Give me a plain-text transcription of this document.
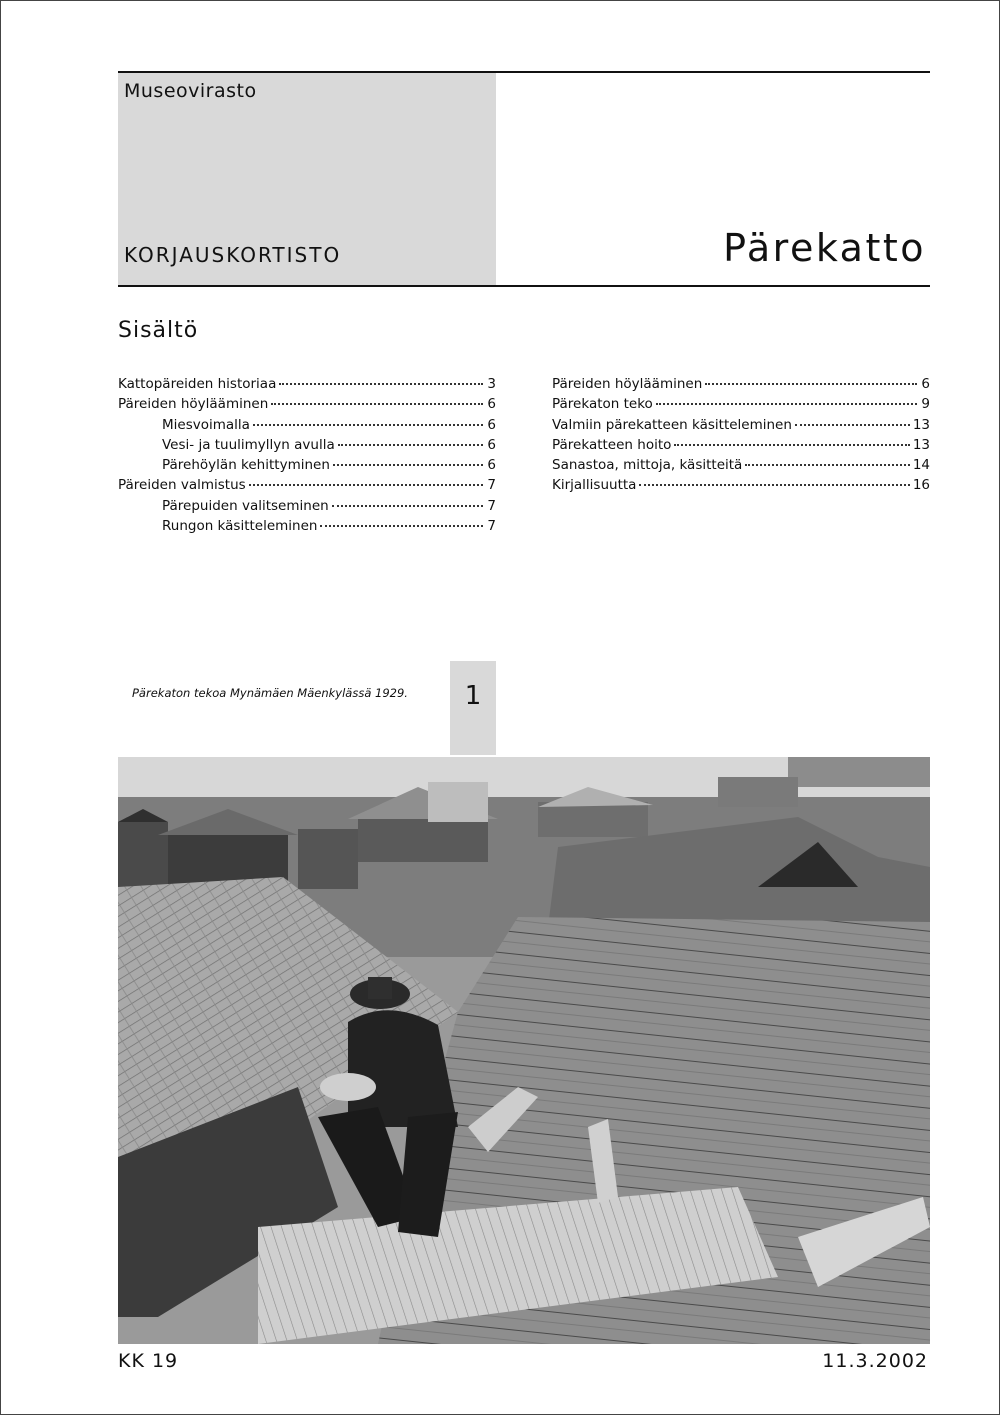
Museovirasto
KORJAUSKORTISTO	Pärekatto
Sisältö
Kattopäreiden historiaa	3
Päreiden höylääminen	6
Miesvoimalla	6
Vesi- ja tuulimyllyn avulla	6
Pärehöylän kehittyminen	6
Päreiden valmistus	7
Pärepuiden valitseminen	7
Rungon käsitteleminen	7
Päreiden höylääminen	6
Pärekaton teko	9
Valmiin pärekatteen käsitteleminen	13
Pärekatteen hoito	13
Sanastoa, mittoja, käsitteitä	14
Kirjallisuutta	16
Pärekaton tekoa Mynämäen Mäenkylässä 1929.	1
KK 19	11.3.2002
